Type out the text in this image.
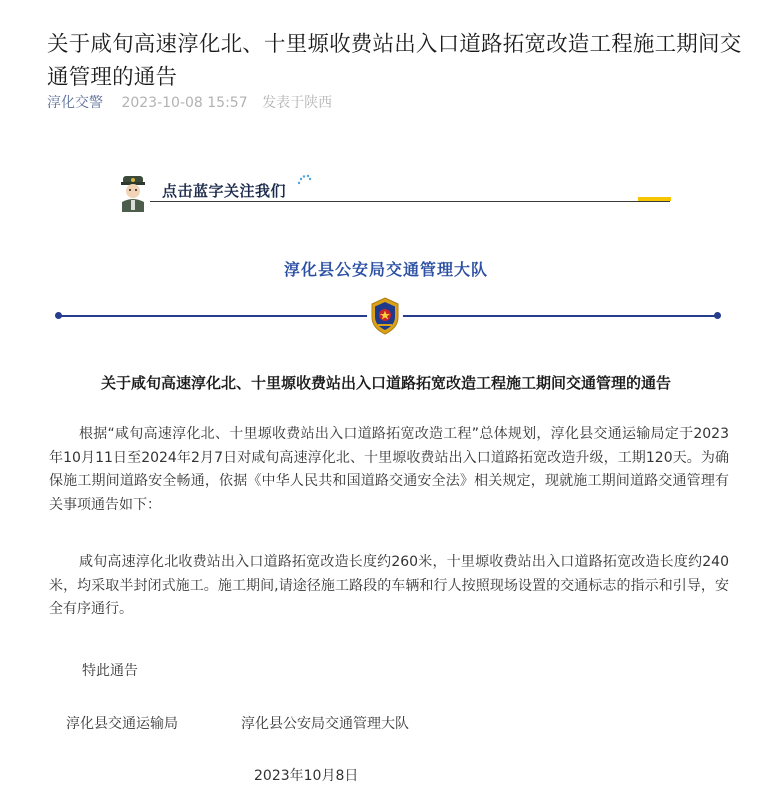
关于咸旬高速淳化北、十里塬收费站出入口道路拓宽改造工程施工期间交通管理的通告
淳化交警 2023-10-08 15:57 发表于陕西
点击蓝字关注我们
淳化县公安局交通管理大队
关于咸旬高速淳化北、十里塬收费站出入口道路拓宽改造工程施工期间交通管理的通告

根据“咸旬高速淳化北、十里塬收费站出入口道路拓宽改造工程”总体规划，淳化县交通运输局定于2023年10月11日至2024年2月7日对咸旬高速淳化北、十里塬收费站出入口道路拓宽改造升级，工期120天。为确保施工期间道路安全畅通，依据《中华人民共和国道路交通安全法》相关规定，现就施工期间道路交通管理有关事项通告如下：

咸旬高速淳化北收费站出入口道路拓宽改造长度约260米，十里塬收费站出入口道路拓宽改造长度约240米，均采取半封闭式施工。施工期间,请途径施工路段的车辆和行人按照现场设置的交通标志的指示和引导，安全有序通行。

特此通告
淳化县交通运输局	淳化县公安局交通管理大队
2023年10月8日
